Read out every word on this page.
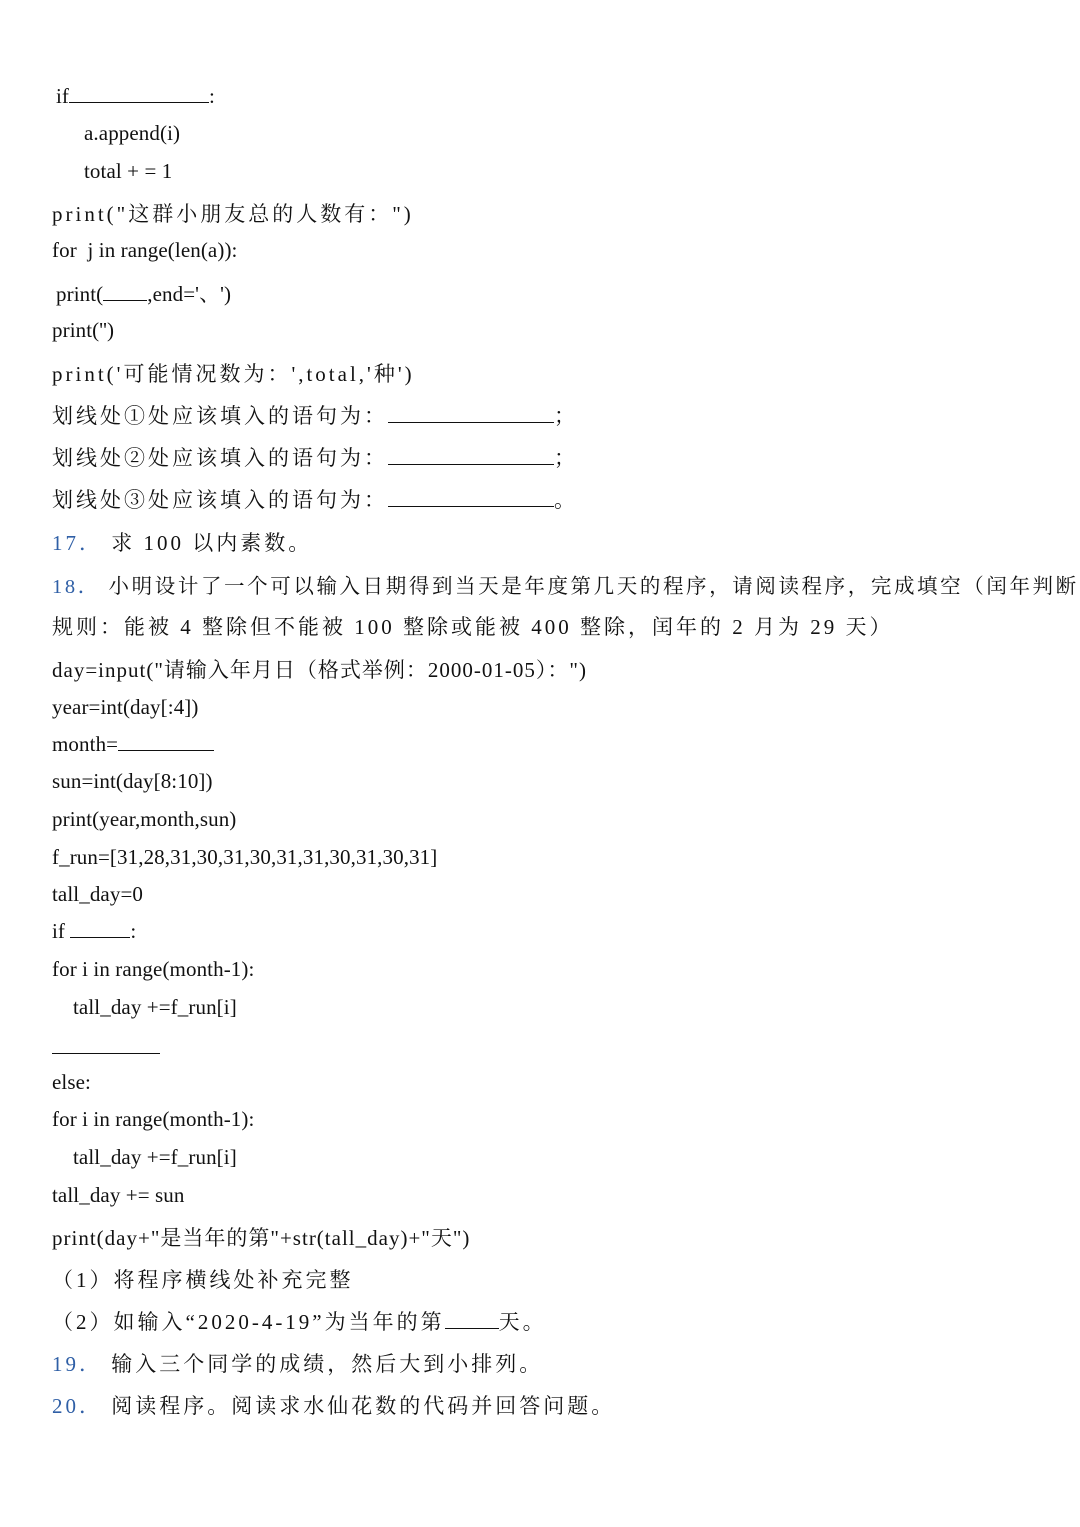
if	:
a.append(i)
total + = 1
print("这群小朋友总的人数有：")
for  j in range(len(a)):
print( ,end='、')
print('')
print('可能情况数为：',total,'种')
划线处①处应该填入的语句为：	；
划线处②处应该填入的语句为：	；
划线处③处应该填入的语句为：	。
17． 求 100 以内素数。
18． 小明设计了一个可以输入日期得到当天是年度第几天的程序，请阅读程序，完成填空（闰年判断
规则：能被 4 整除但不能被 100 整除或能被 400 整除，闰年的 2 月为 29 天）
day=input("请输入年月日（格式举例：2000-01-05）：")
year=int(day[:4])
month=
sun=int(day[8:10])
print(year,month,sun)
f_run=[31,28,31,30,31,30,31,31,30,31,30,31]
tall_day=0
if	:
for i in range(month-1):
tall_day +=f_run[i]
else:
for i in range(month-1):
tall_day +=f_run[i]
tall_day += sun
print(day+"是当年的第"+str(tall_day)+"天")
（1）将程序横线处补充完整
（2）如输入“2020-4-19”为当年的第	天。
19． 输入三个同学的成绩，然后大到小排列。
20． 阅读程序。阅读求水仙花数的代码并回答问题。
